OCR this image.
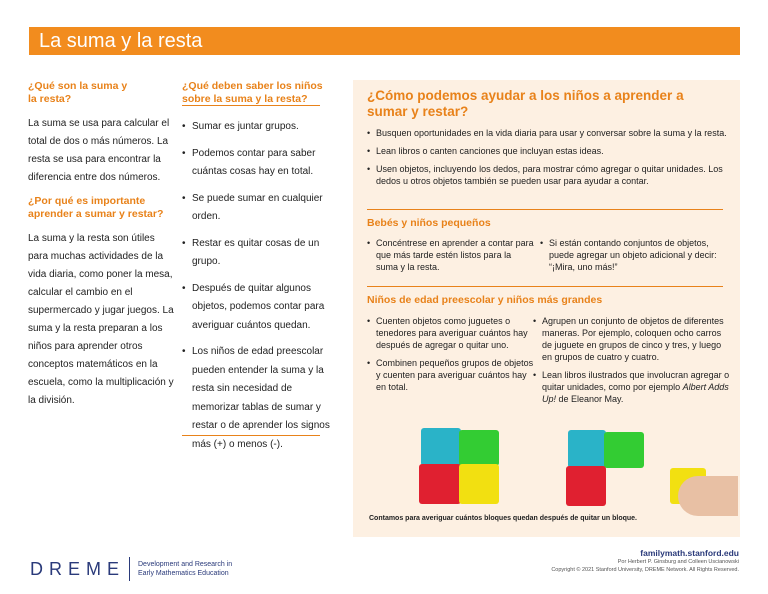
La suma y la resta
¿Qué son la suma y la resta?

La suma se usa para calcular el total de dos o más números. La resta se usa para encontrar la diferencia entre dos números.

¿Por qué es importante aprender a sumar y restar?

La suma y la resta son útiles para muchas actividades de la vida diaria, como poner la mesa, calcular el cambio en el supermercado y jugar juegos. La suma y la resta preparan a los niños para aprender otros conceptos matemáticos en la escuela, como la multiplicación y la división.

¿Qué deben saber los niños sobre la suma y la resta?
• Sumar es juntar grupos.
• Podemos contar para saber cuántas cosas hay en total.
• Se puede sumar en cualquier orden.
• Restar es quitar cosas de un grupo.
• Después de quitar algunos objetos, podemos contar para averiguar cuántos quedan.
• Los niños de edad preescolar pueden entender la suma y la resta sin necesidad de memorizar tablas de sumar y restar o de aprender los signos más (+) o menos (-).
¿Cómo podemos ayudar a los niños a aprender a sumar y restar?
• Busquen oportunidades en la vida diaria para usar y conversar sobre la suma y la resta.
• Lean libros o canten canciones que incluyan estas ideas.
• Usen objetos, incluyendo los dedos, para mostrar cómo agregar o quitar unidades. Los dedos u otros objetos también se pueden usar para ayudar a contar.
Bebés y niños pequeños
• Concéntrese en aprender a contar para que más tarde estén listos para la suma y la resta.
• Si están contando conjuntos de objetos, puede agregar un objeto adicional y decir: “¡Mira, uno más!”
Niños de edad preescolar y niños más grandes
• Cuenten objetos como juguetes o tenedores para averiguar cuántos hay después de agregar o quitar uno.
• Combinen pequeños grupos de objetos y cuenten para averiguar cuántos hay en total.
• Agrupen un conjunto de objetos de diferentes maneras. Por ejemplo, coloquen ocho carros de juguete en grupos de cinco y tres, y luego en grupos de cuatro y cuatro.
• Lean libros ilustrados que involucran agregar o quitar unidades, como por ejemplo Albert Adds Up! de Eleanor May.
Contamos para averiguar cuántos bloques quedan después de quitar un bloque.
DREME Development and Research in
Early Mathematics Education
familymath.stanford.edu
Por Herbert P. Ginsburg and Colleen Uscianowski
Copyright © 2021 Stanford University, DREME Network. All Rights Reserved.
